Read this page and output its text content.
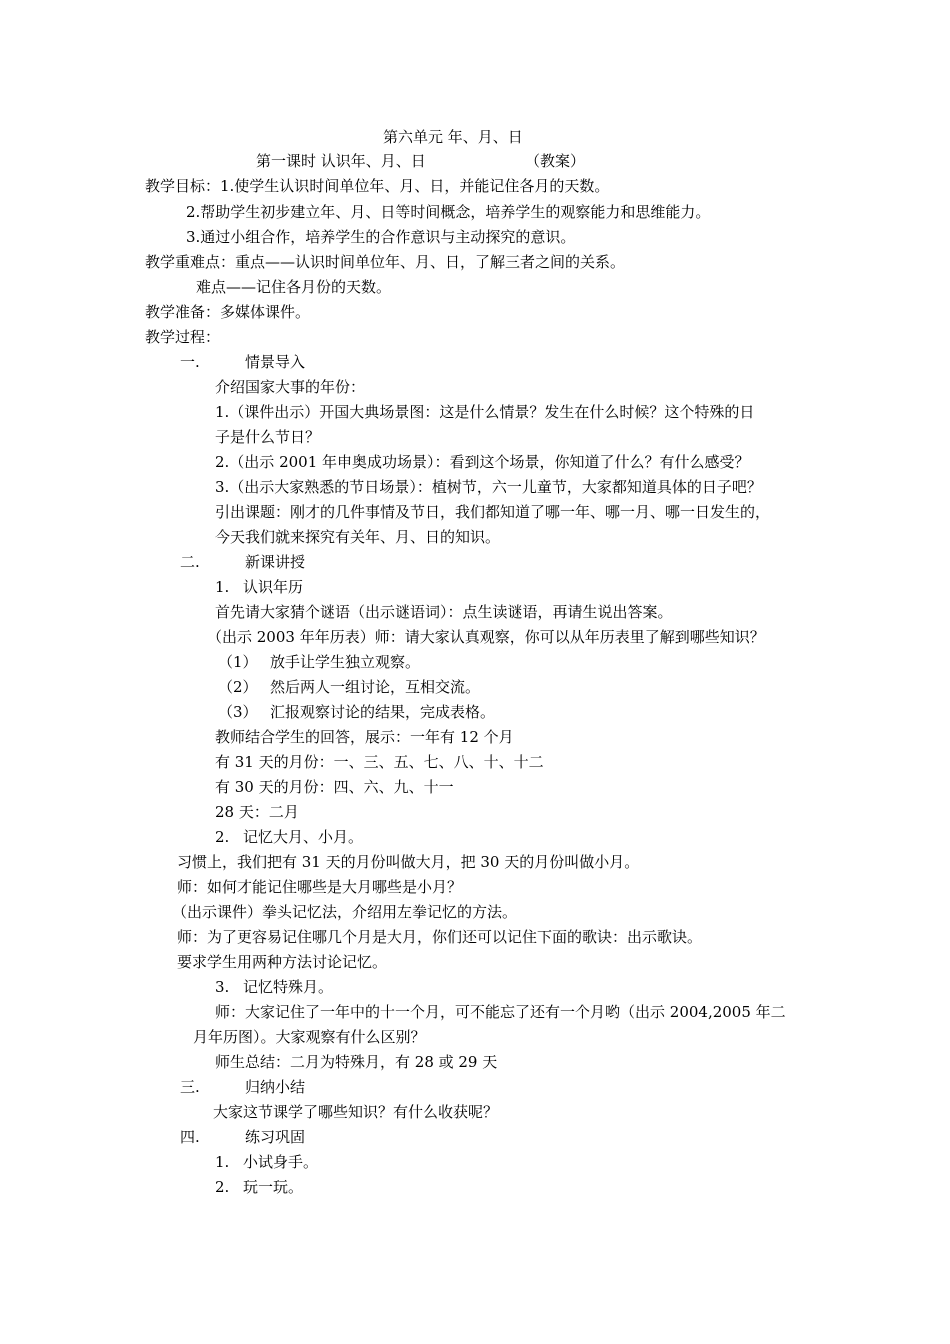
第六单元 年、月、日
第一课时 认识年、月、日	（教案）
教学目标：1.使学生认识时间单位年、月、日，并能记住各月的天数。
2.帮助学生初步建立年、月、日等时间概念，培养学生的观察能力和思维能力。
3.通过小组合作，培养学生的合作意识与主动探究的意识。
教学重难点：重点——认识时间单位年、月、日，了解三者之间的关系。
难点——记住各月份的天数。
教学准备：多媒体课件。
教学过程：
一.	情景导入
介绍国家大事的年份：
1.（课件出示）开国大典场景图：这是什么情景？发生在什么时候？这个特殊的日
子是什么节日？
2.（出示 2001 年申奥成功场景）：看到这个场景，你知道了什么？有什么感受？
3.（出示大家熟悉的节日场景）：植树节，六一儿童节，大家都知道具体的日子吧？
引出课题：刚才的几件事情及节日，我们都知道了哪一年、哪一月、哪一日发生的，
今天我们就来探究有关年、月、日的知识。
二.	新课讲授
1. 认识年历
首先请大家猜个谜语（出示谜语词）：点生读谜语，再请生说出答案。
（出示 2003 年年历表）师：请大家认真观察，你可以从年历表里了解到哪些知识？
（1） 放手让学生独立观察。
（2） 然后两人一组讨论，互相交流。
（3） 汇报观察讨论的结果，完成表格。
教师结合学生的回答，展示：一年有 12 个月
有 31 天的月份：一、三、五、七、八、十、十二
有 30 天的月份：四、六、九、十一
28 天：二月
2. 记忆大月、小月。
习惯上，我们把有 31 天的月份叫做大月，把 30 天的月份叫做小月。
师：如何才能记住哪些是大月哪些是小月？
（出示课件）拳头记忆法，介绍用左拳记忆的方法。
师：为了更容易记住哪几个月是大月，你们还可以记住下面的歌诀：出示歌诀。
要求学生用两种方法讨论记忆。
3. 记忆特殊月。
师：大家记住了一年中的十一个月，可不能忘了还有一个月哟（出示 2004,2005 年二
月年历图）。大家观察有什么区别？
师生总结：二月为特殊月，有 28 或 29 天
三.	归纳小结
大家这节课学了哪些知识？有什么收获呢？
四.	练习巩固
1. 小试身手。
2. 玩一玩。
